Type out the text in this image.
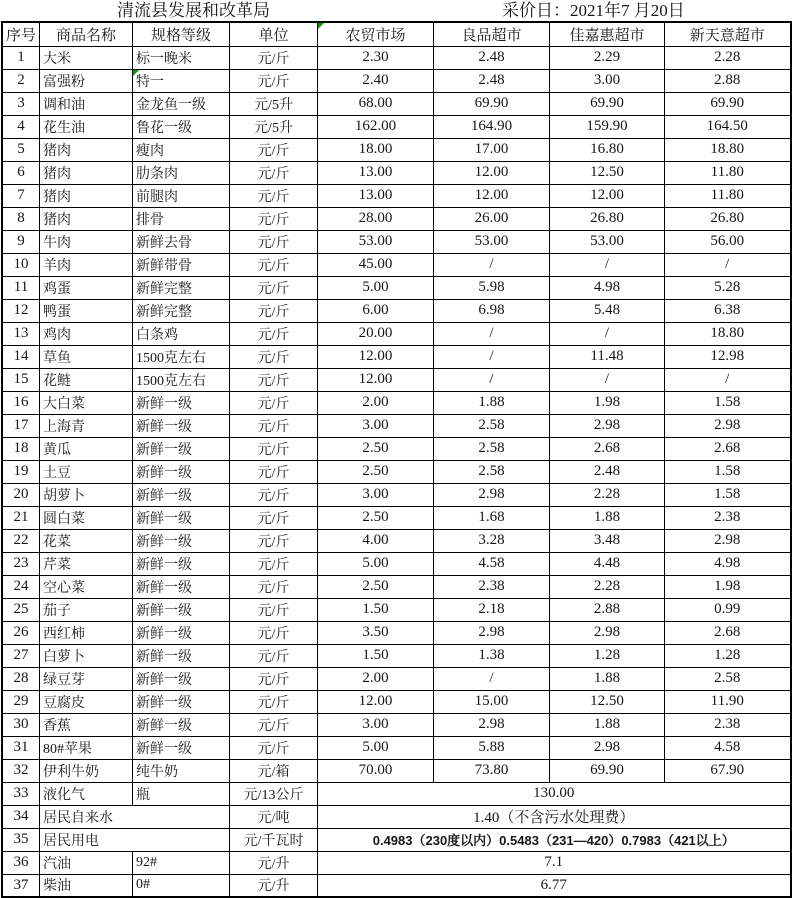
清流县发展和改革局	采价日：2021年7 月20日
序号	商品名称	规格等级	单位	农贸市场	良品超市	佳嘉惠超市	新天意超市
1	大米	标一晚米	元/斤	2.30	2.48	2.29	2.28
2	富强粉	特一	元/斤	2.40	2.48	3.00	2.88
3	调和油	金龙鱼一级	元/5升	68.00	69.90	69.90	69.90
4	花生油	鲁花一级	元/5升	162.00	164.90	159.90	164.50
5	猪肉	瘦肉	元/斤	18.00	17.00	16.80	18.80
6	猪肉	肋条肉	元/斤	13.00	12.00	12.50	11.80
7	猪肉	前腿肉	元/斤	13.00	12.00	12.00	11.80
8	猪肉	排骨	元/斤	28.00	26.00	26.80	26.80
9	牛肉	新鲜去骨	元/斤	53.00	53.00	53.00	56.00
10	羊肉	新鲜带骨	元/斤	45.00	/	/	/
11	鸡蛋	新鲜完整	元/斤	5.00	5.98	4.98	5.28
12	鸭蛋	新鲜完整	元/斤	6.00	6.98	5.48	6.38
13	鸡肉	白条鸡	元/斤	20.00	/	/	18.80
14	草鱼	1500克左右	元/斤	12.00	/	11.48	12.98
15	花鲢	1500克左右	元/斤	12.00	/	/	/
16	大白菜	新鲜一级	元/斤	2.00	1.88	1.98	1.58
17	上海青	新鲜一级	元/斤	3.00	2.58	2.98	2.98
18	黄瓜	新鲜一级	元/斤	2.50	2.58	2.68	2.68
19	土豆	新鲜一级	元/斤	2.50	2.58	2.48	1.58
20	胡萝卜	新鲜一级	元/斤	3.00	2.98	2.28	1.58
21	圆白菜	新鲜一级	元/斤	2.50	1.68	1.88	2.38
22	花菜	新鲜一级	元/斤	4.00	3.28	3.48	2.98
23	芹菜	新鲜一级	元/斤	5.00	4.58	4.48	4.98
24	空心菜	新鲜一级	元/斤	2.50	2.38	2.28	1.98
25	茄子	新鲜一级	元/斤	1.50	2.18	2.88	0.99
26	西红柿	新鲜一级	元/斤	3.50	2.98	2.98	2.68
27	白萝卜	新鲜一级	元/斤	1.50	1.38	1.28	1.28
28	绿豆芽	新鲜一级	元/斤	2.00	/	1.88	2.58
29	豆腐皮	新鲜一级	元/斤	12.00	15.00	12.50	11.90
30	香蕉	新鲜一级	元/斤	3.00	2.98	1.88	2.38
31	80#苹果	新鲜一级	元/斤	5.00	5.88	2.98	4.58
32	伊利牛奶	纯牛奶	元/箱	70.00	73.80	69.90	67.90
33	液化气	瓶	元/13公斤	130.00			
34	居民自来水		元/吨	1.40（不含污水处理费）			
35	居民用电		元/千瓦时	0.4983（230度以内）0.5483（231—420）0.7983（421以上）			
36	汽油	92#	元/升	7.1			
37	柴油	0#	元/升	6.77			
